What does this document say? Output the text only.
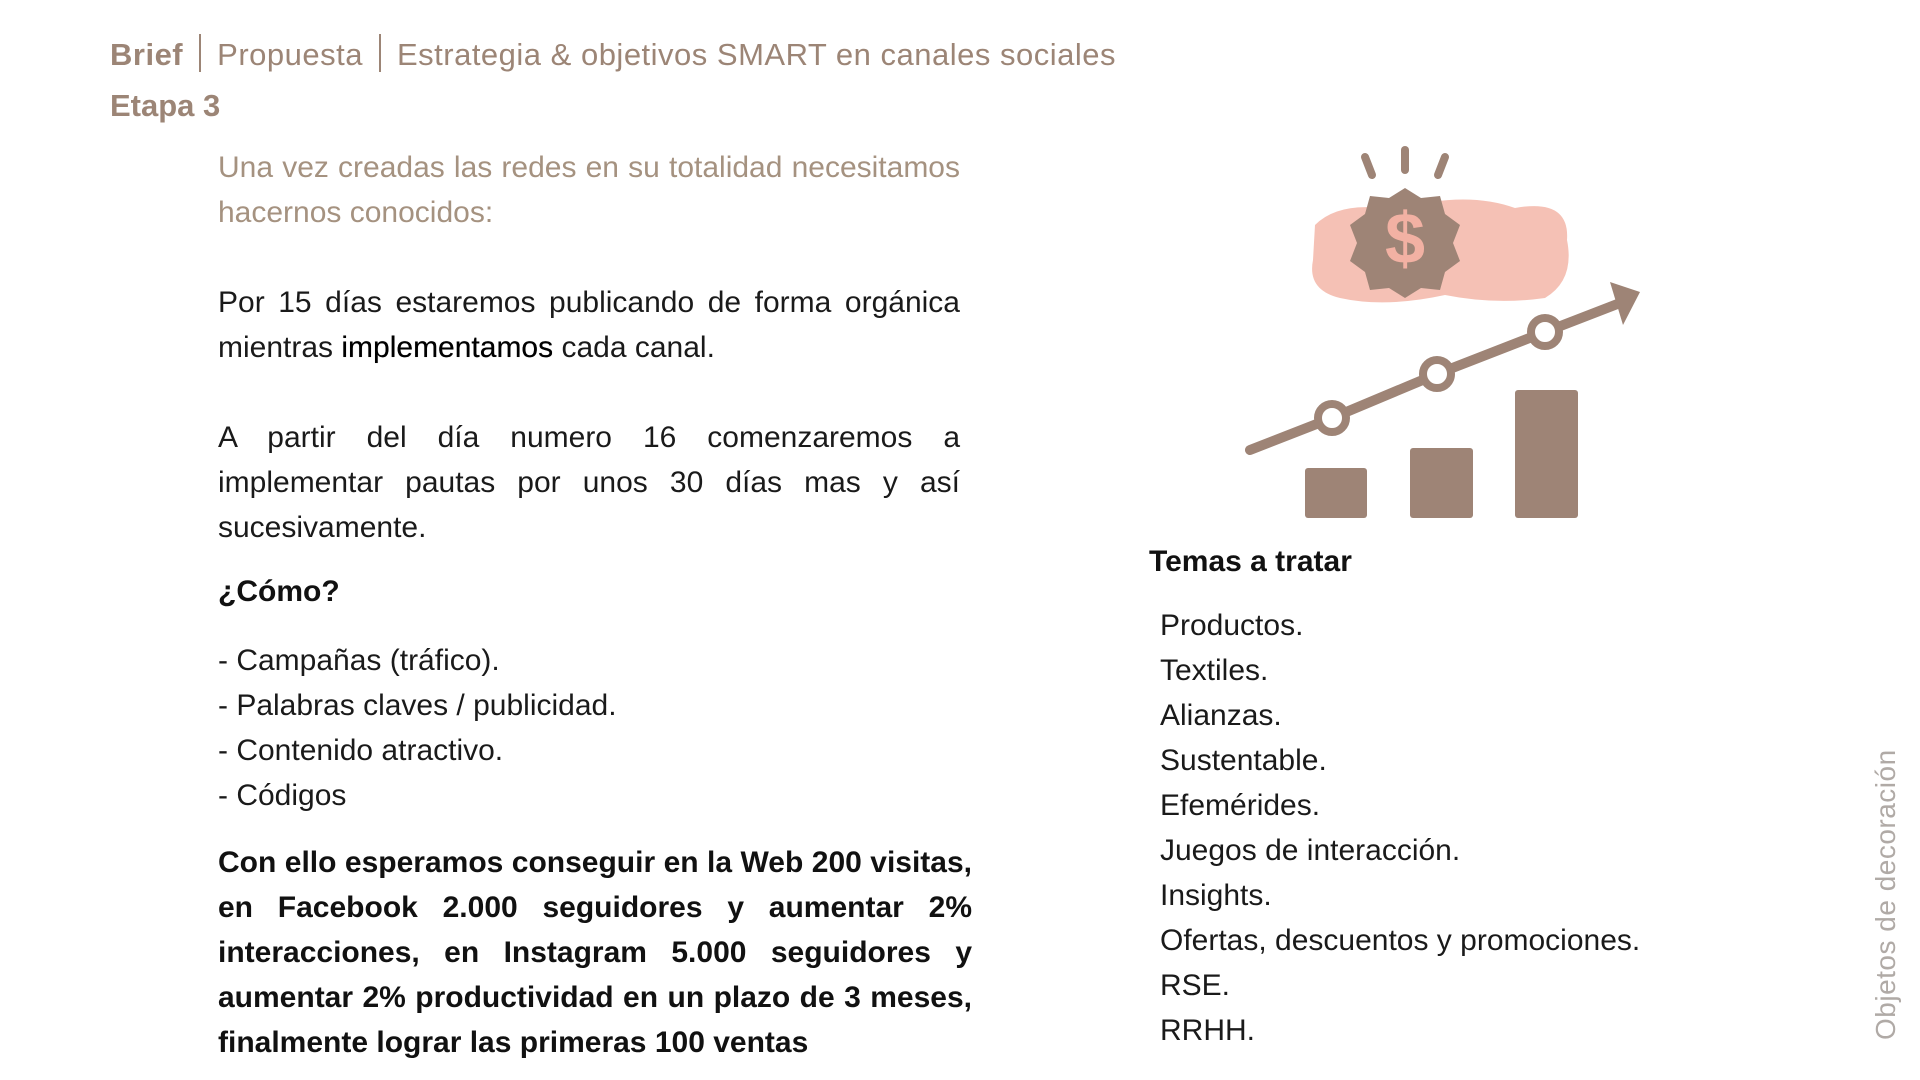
Brief Propuesta Estrategia & objetivos SMART en canales sociales
Etapa 3

Una vez creadas las redes en su totalidad necesitamos hacernos conocidos:

Por 15 días estaremos publicando de forma orgánica mientras implementamos cada canal.

A partir del día numero 16 comenzaremos a implementar pautas por unos 30 días mas y así sucesivamente.

¿Cómo?

- Campañas (tráfico).
- Palabras claves / publicidad.
- Contenido atractivo.
- Códigos

Con ello esperamos conseguir en la Web 200 visitas, en Facebook 2.000 seguidores y aumentar 2% interacciones, en Instagram 5.000 seguidores y aumentar 2% productividad en un plazo de 3 meses, finalmente lograr las primeras 100 ventas

$

Temas a tratar

Productos.
Textiles.
Alianzas.
Sustentable.
Efemérides.
Juegos de interacción.
Insights.
Ofertas, descuentos y promociones.
RSE.
RRHH.	Objetos de decoración
